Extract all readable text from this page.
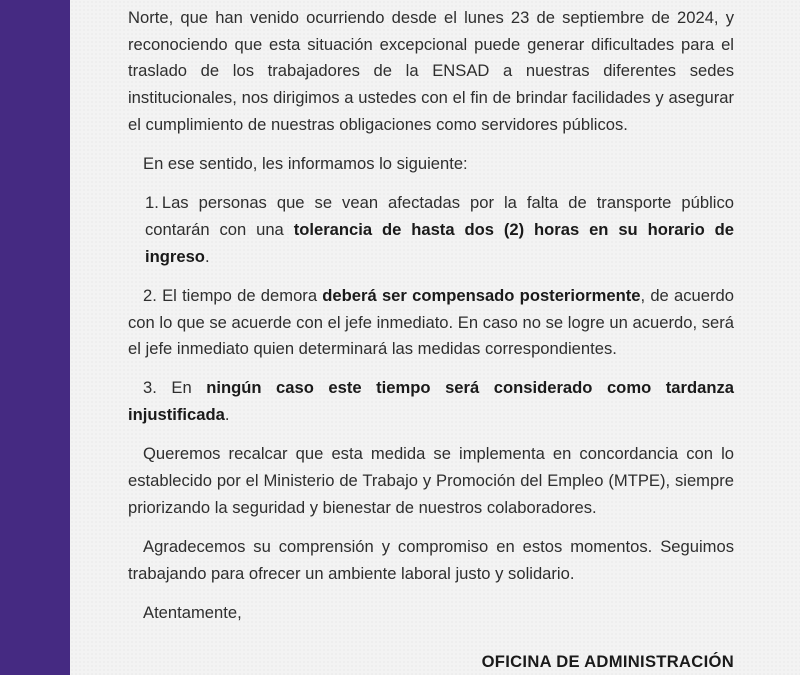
Norte, que han venido ocurriendo desde el lunes 23 de septiembre de 2024, y reconociendo que esta situación excepcional puede generar dificultades para el traslado de los trabajadores de la ENSAD a nuestras diferentes sedes institucionales, nos dirigimos a ustedes con el fin de brindar facilidades y asegurar el cumplimiento de nuestras obligaciones como servidores públicos.

En ese sentido, les informamos lo siguiente:

1. Las personas que se vean afectadas por la falta de transporte público contarán con una tolerancia de hasta dos (2) horas en su horario de ingreso.

2. El tiempo de demora deberá ser compensado posteriormente, de acuerdo con lo que se acuerde con el jefe inmediato. En caso no se logre un acuerdo, será el jefe inmediato quien determinará las medidas correspondientes.

3. En ningún caso este tiempo será considerado como tardanza injustificada.

Queremos recalcar que esta medida se implementa en concordancia con lo establecido por el Ministerio de Trabajo y Promoción del Empleo (MTPE), siempre priorizando la seguridad y bienestar de nuestros colaboradores.

Agradecemos su comprensión y compromiso en estos momentos. Seguimos trabajando para ofrecer un ambiente laboral justo y solidario.

Atentamente,

OFICINA DE ADMINISTRACIÓN
